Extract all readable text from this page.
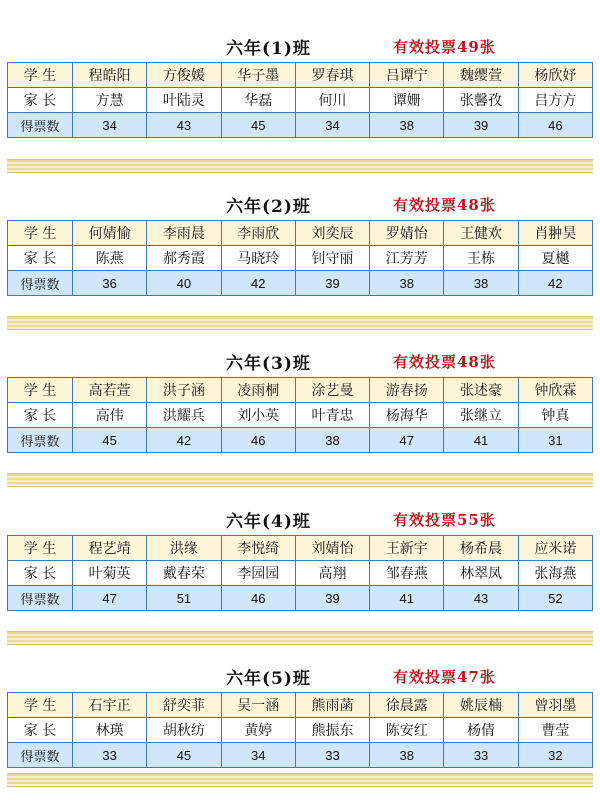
六年(1)班	有效投票49张
学 生	程皓阳	方俊媛	华子墨	罗春琪	吕谭宁	魏缨萱	杨欣妤
家 长	方慧	叶陆灵	华磊	何川	谭姗	张馨孜	吕方方
得票数	34	43	45	34	38	39	46
六年(2)班	有效投票48张
学 生	何婧愉	李雨晨	李雨欣	刘奕辰	罗婧怡	王健欢	肖翀昊
家 长	陈燕	郝秀霞	马晓玲	钊守丽	江芳芳	王栋	夏樾
得票数	36	40	42	39	38	38	42
六年(3)班	有效投票48张
学 生	高若萱	洪子涵	凌雨桐	涂艺曼	游春扬	张述豪	钟欣霖
家 长	高伟	洪耀兵	刘小英	叶青忠	杨海华	张继立	钟真
得票数	45	42	46	38	47	41	31
六年(4)班	有效投票55张
学 生	程艺靖	洪缘	李悦绮	刘婧怡	王新宇	杨希晨	应米诺
家 长	叶菊英	戴春荣	李园园	高翔	邹春燕	林翠凤	张海燕
得票数	47	51	46	39	41	43	52
六年(5)班	有效投票47张
学 生	石宇正	舒奕菲	吴一涵	熊雨菡	徐晨露	姚辰楠	曾羽墨
家 长	林瑛	胡秋纺	黄婷	熊振东	陈安红	杨倩	曹莹
得票数	33	45	34	33	38	33	32
